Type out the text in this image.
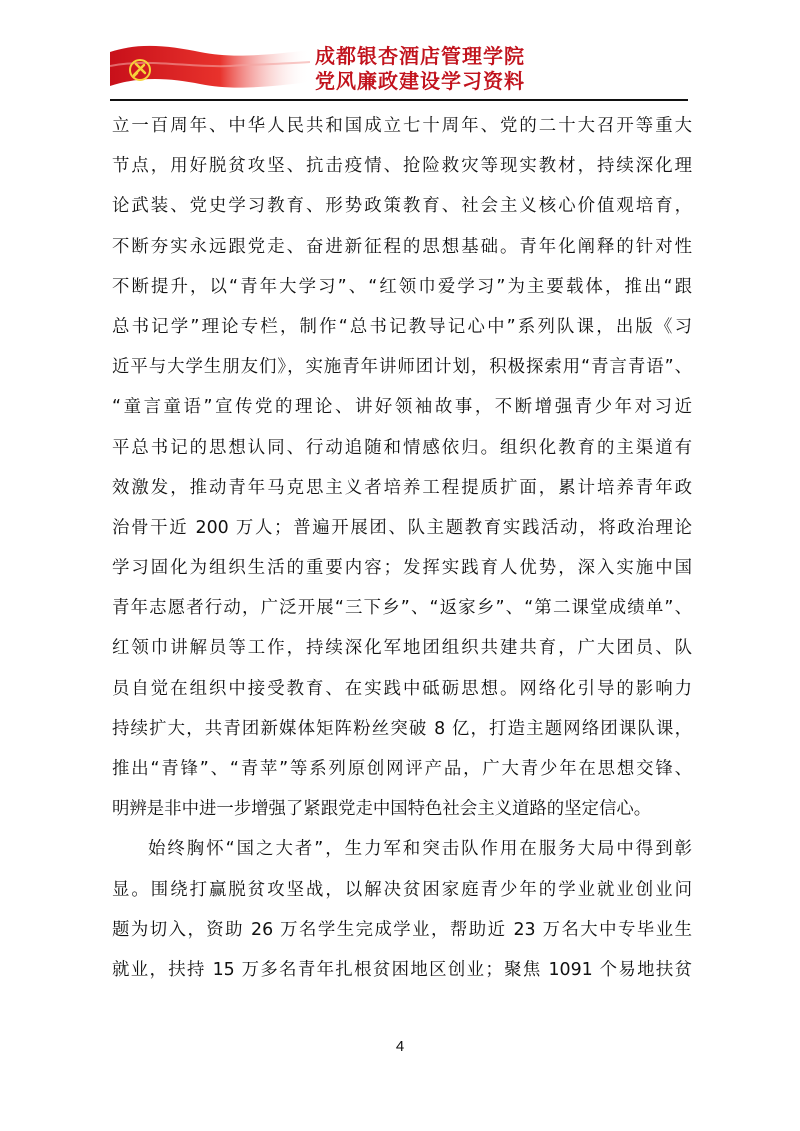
成都银杏酒店管理学院
党风廉政建设学习资料
立一百周年、中华人民共和国成立七十周年、党的二十大召开等重大
节点，用好脱贫攻坚、抗击疫情、抢险救灾等现实教材，持续深化理
论武装、党史学习教育、形势政策教育、社会主义核心价值观培育，
不断夯实永远跟党走、奋进新征程的思想基础。青年化阐释的针对性
不断提升，以“青年大学习”、“红领巾爱学习”为主要载体，推出“跟
总书记学”理论专栏，制作“总书记教导记心中”系列队课，出版《习
近平与大学生朋友们》，实施青年讲师团计划，积极探索用“青言青语”、
“童言童语”宣传党的理论、讲好领袖故事，不断增强青少年对习近
平总书记的思想认同、行动追随和情感依归。组织化教育的主渠道有
效激发，推动青年马克思主义者培养工程提质扩面，累计培养青年政
治骨干近 200 万人；普遍开展团、队主题教育实践活动，将政治理论
学习固化为组织生活的重要内容；发挥实践育人优势，深入实施中国
青年志愿者行动，广泛开展“三下乡”、“返家乡”、“第二课堂成绩单”、
红领巾讲解员等工作，持续深化军地团组织共建共育，广大团员、队
员自觉在组织中接受教育、在实践中砥砺思想。网络化引导的影响力
持续扩大，共青团新媒体矩阵粉丝突破 8 亿，打造主题网络团课队课，
推出“青锋”、“青苹”等系列原创网评产品，广大青少年在思想交锋、
明辨是非中进一步增强了紧跟党走中国特色社会主义道路的坚定信心。
始终胸怀“国之大者”，生力军和突击队作用在服务大局中得到彰
显。围绕打赢脱贫攻坚战，以解决贫困家庭青少年的学业就业创业问
题为切入，资助 26 万名学生完成学业，帮助近 23 万名大中专毕业生
就业，扶持 15 万多名青年扎根贫困地区创业；聚焦 1091 个易地扶贫
4
